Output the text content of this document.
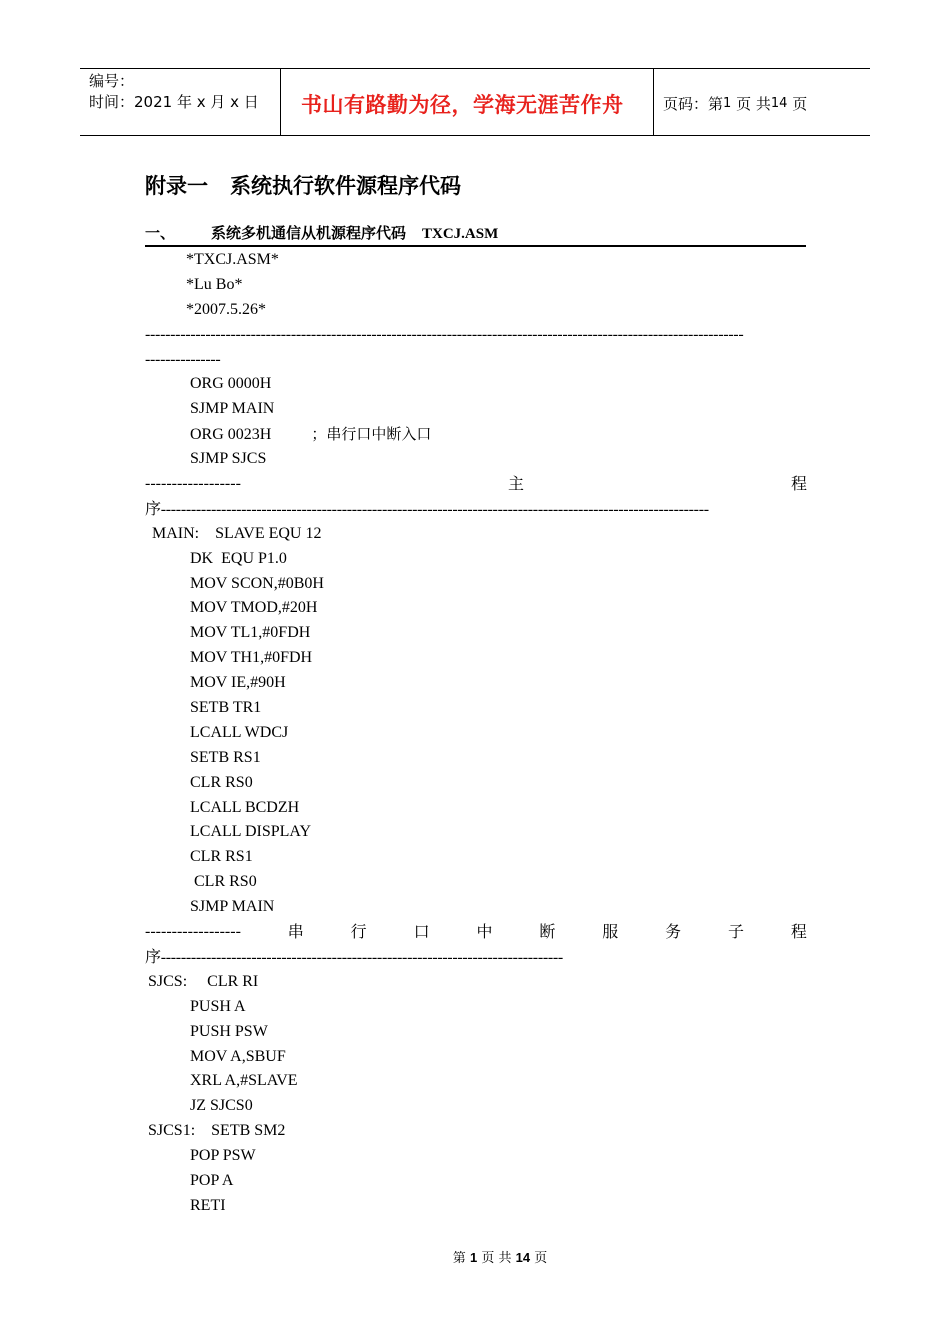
编号：
时间：2021 年 x 月 x 日	书山有路勤为径，学海无涯苦作舟	页码：第 1
页 共 14
页
附录一 系统执行软件源程序代码
一、 系统多机通信从机源程序代码 TXCJ.ASM
*TXCJ.ASM*
*Lu Bo*
*2007.5.26*
-----------------------------------------------------------------------------------------------------------------------
---------------
ORG 0000H
SJMP MAIN
ORG 0023H	；串行口中断入口
SJMP SJCS

------------------	主	程

序-------------------------------------------------------------------------------------------------------------
MAIN: SLAVE EQU 12
DK  EQU P1.0
MOV SCON,#0B0H
MOV TMOD,#20H
MOV TL1,#0FDH
MOV TH1,#0FDH
MOV IE,#90H
SETB TR1
LCALL WDCJ
SETB RS1
CLR RS0
LCALL BCDZH
LCALL DISPLAY
CLR RS1
CLR RS0
SJMP MAIN

------------------	串	行	口	中	断	服	务	子	程

序--------------------------------------------------------------------------------
SJCS: CLR RI
PUSH A
PUSH PSW
MOV A,SBUF
XRL A,#SLAVE
JZ SJCS0
SJCS1: SETB SM2
POP PSW
POP A
RETI
第 1 页 共 14 页
